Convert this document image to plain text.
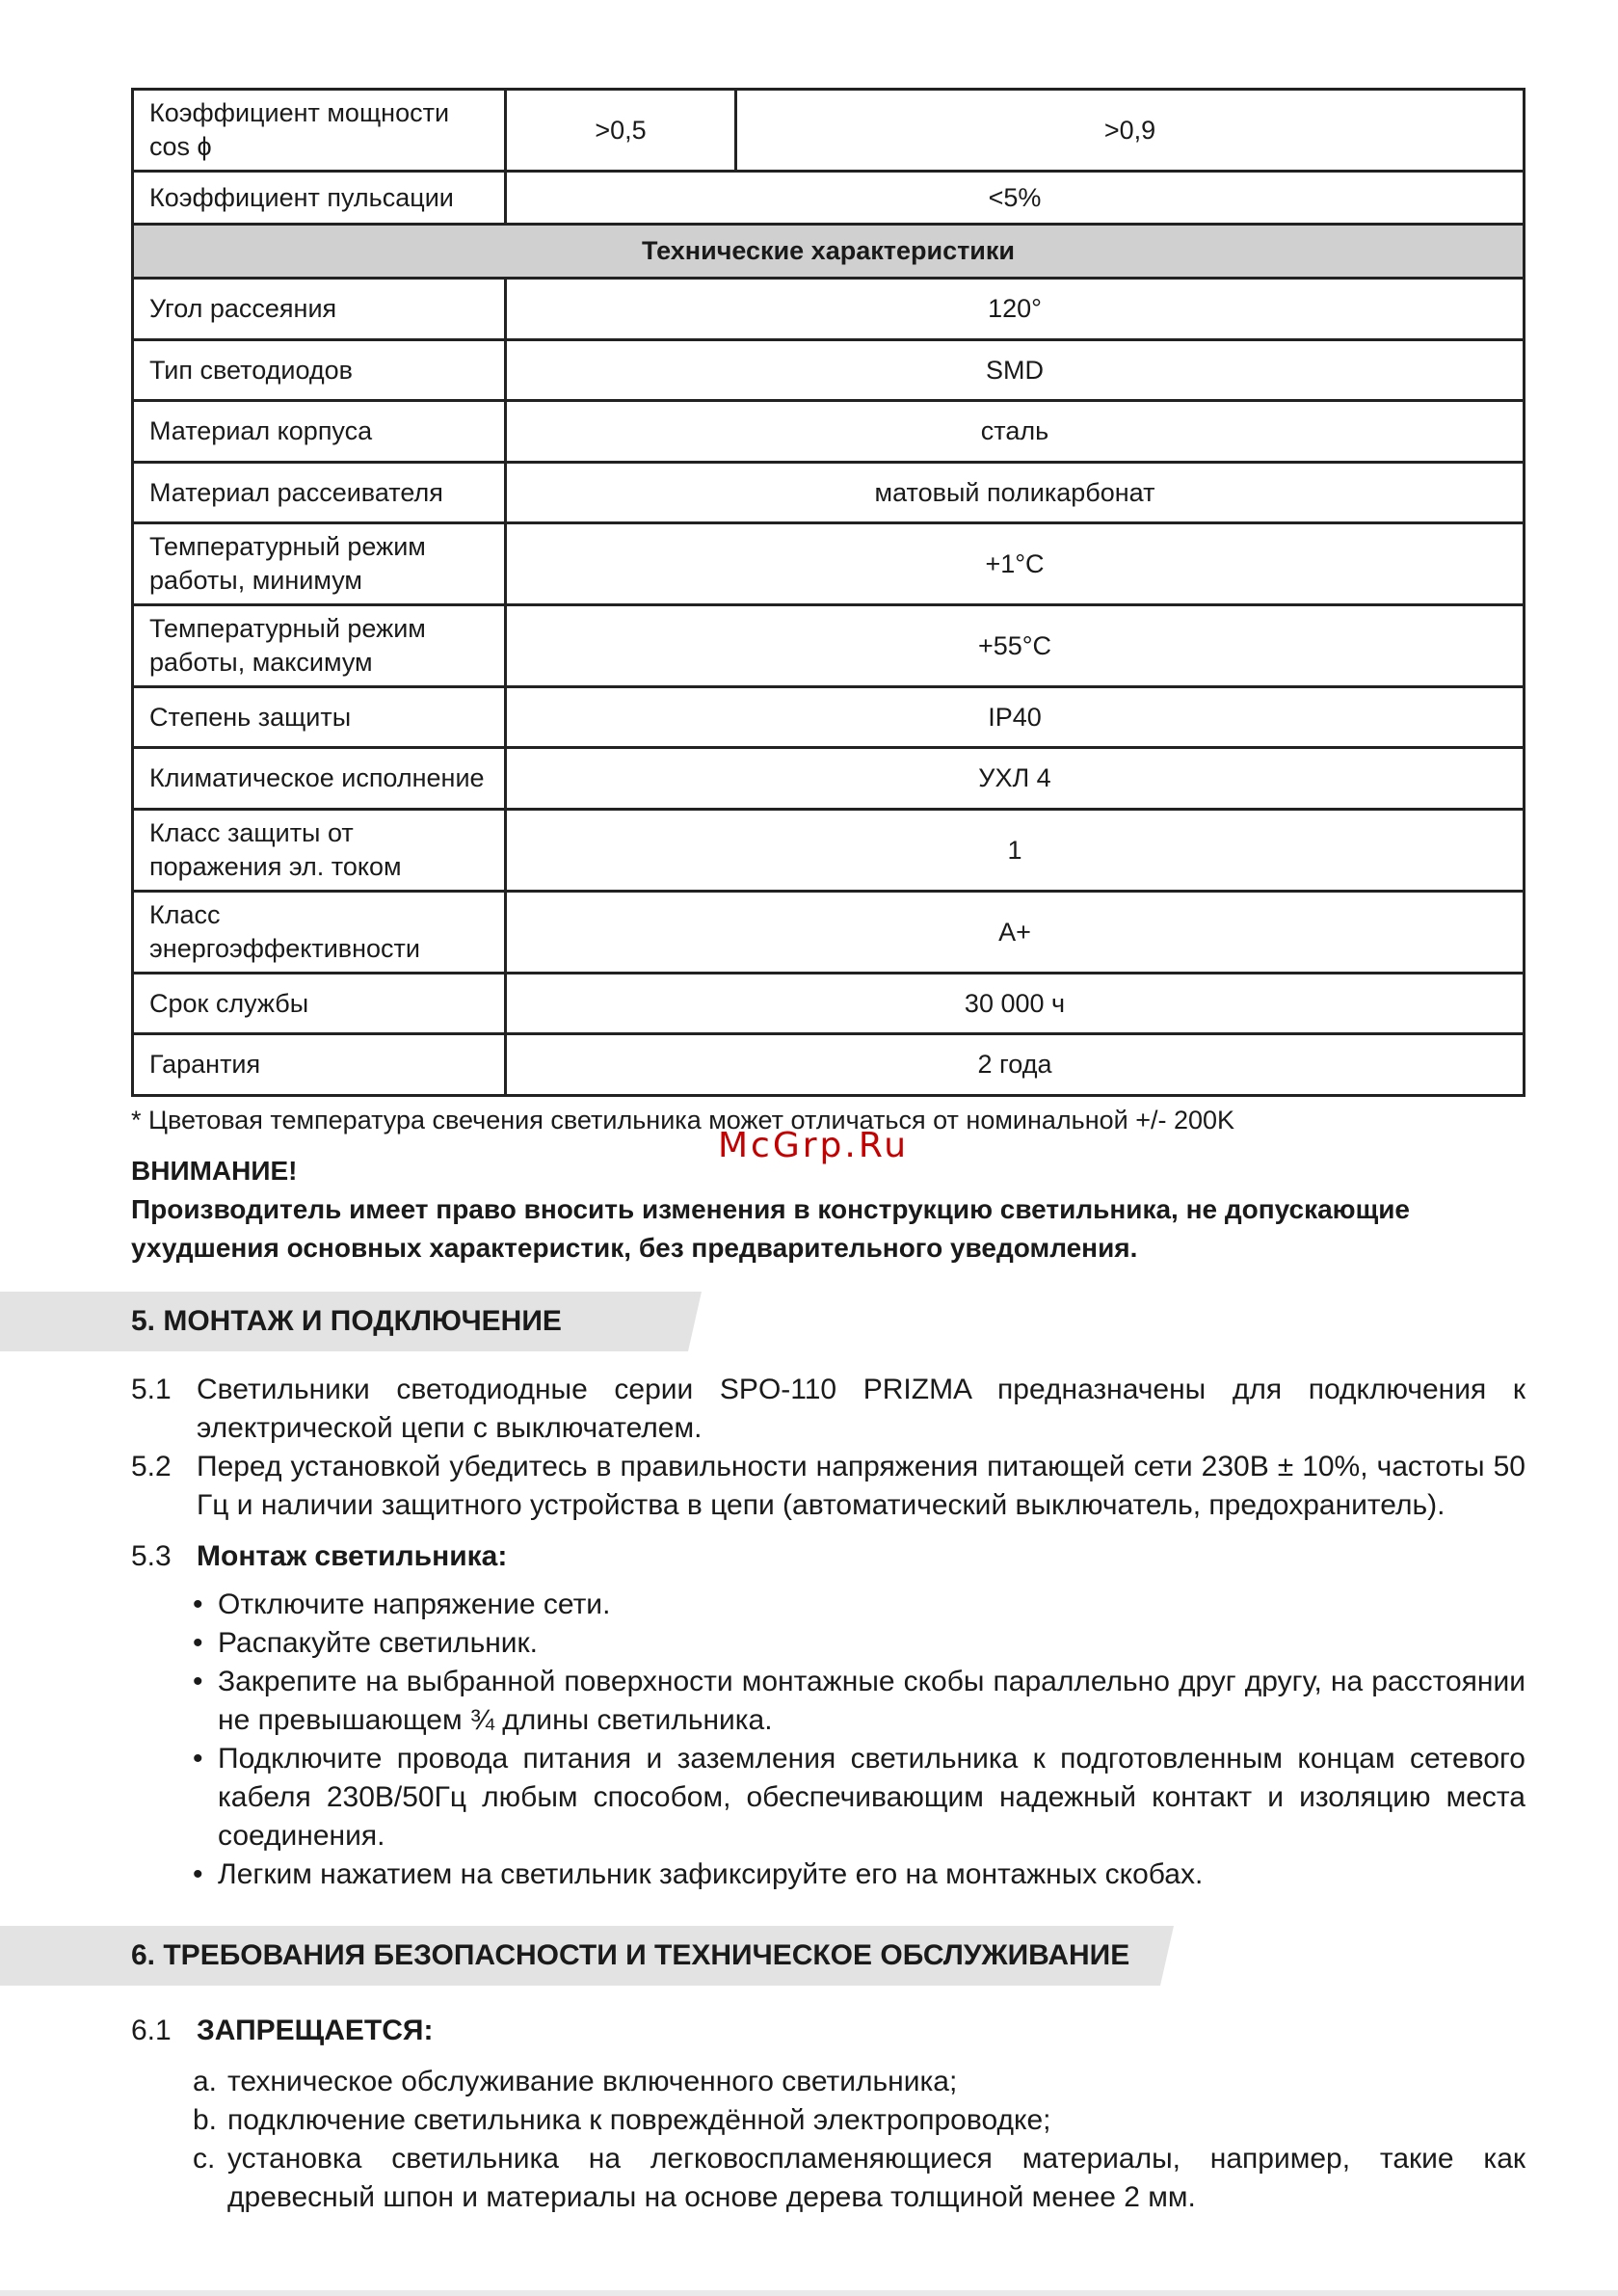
Коэффициент мощности cos ϕ	>0,5	>0,9
Коэффициент пульсации	<5%	
Технические характеристики		
Угол рассеяния	120°	
Тип светодиодов	SMD	
Материал корпуса	сталь	
Материал рассеивателя	матовый поликарбонат	
Температурный режим работы, минимум	+1°C	
Температурный режим работы, максимум	+55°C	
Степень защиты	IP40	
Климатическое исполнение	УХЛ 4	
Класс защиты от поражения эл. током	1	
Класс энергоэффективности	A+	
Срок службы	30 000 ч	
Гарантия	2 года	
* Цветовая температура свечения светильника может отличаться от номинальной +/- 200K
McGrp.Ru
ВНИМАНИЕ!
Производитель имеет право вносить изменения в конструкцию светильника, не допускающие
ухудшения основных характеристик, без предварительного уведомления.
5. МОНТАЖ И ПОДКЛЮЧЕНИЕ
5.1 Светильники светодиодные серии SPO-110 PRIZMA предназначены для подключения к электрической цепи с выключателем.
5.2 Перед установкой убедитесь в правильности напряжения питающей сети 230В ± 10%, частоты 50 Гц и наличии защитного устройства в цепи (автоматический выключатель, предохранитель).
5.3 Монтаж светильника:
• Отключите напряжение сети.
• Распакуйте светильник.
• Закрепите на выбранной поверхности монтажные скобы параллельно друг другу, на расстоянии не превышающем ¾ длины светильника.
• Подключите провода питания и заземления светильника к подготовленным концам сетевого кабеля 230В/50Гц любым способом, обеспечивающим надежный контакт и изоляцию места соединения.
• Легким нажатием на светильник зафиксируйте его на монтажных скобах.
6. ТРЕБОВАНИЯ БЕЗОПАСНОСТИ И ТЕХНИЧЕСКОЕ ОБСЛУЖИВАНИЕ
6.1 ЗАПРЕЩАЕТСЯ:
a. техническое обслуживание включенного светильника;
b. подключение светильника к повреждённой электропроводке;
c. установка светильника на легковоспламеняющиеся материалы, например, такие как древесный шпон и материалы на основе дерева толщиной менее 2 мм.
